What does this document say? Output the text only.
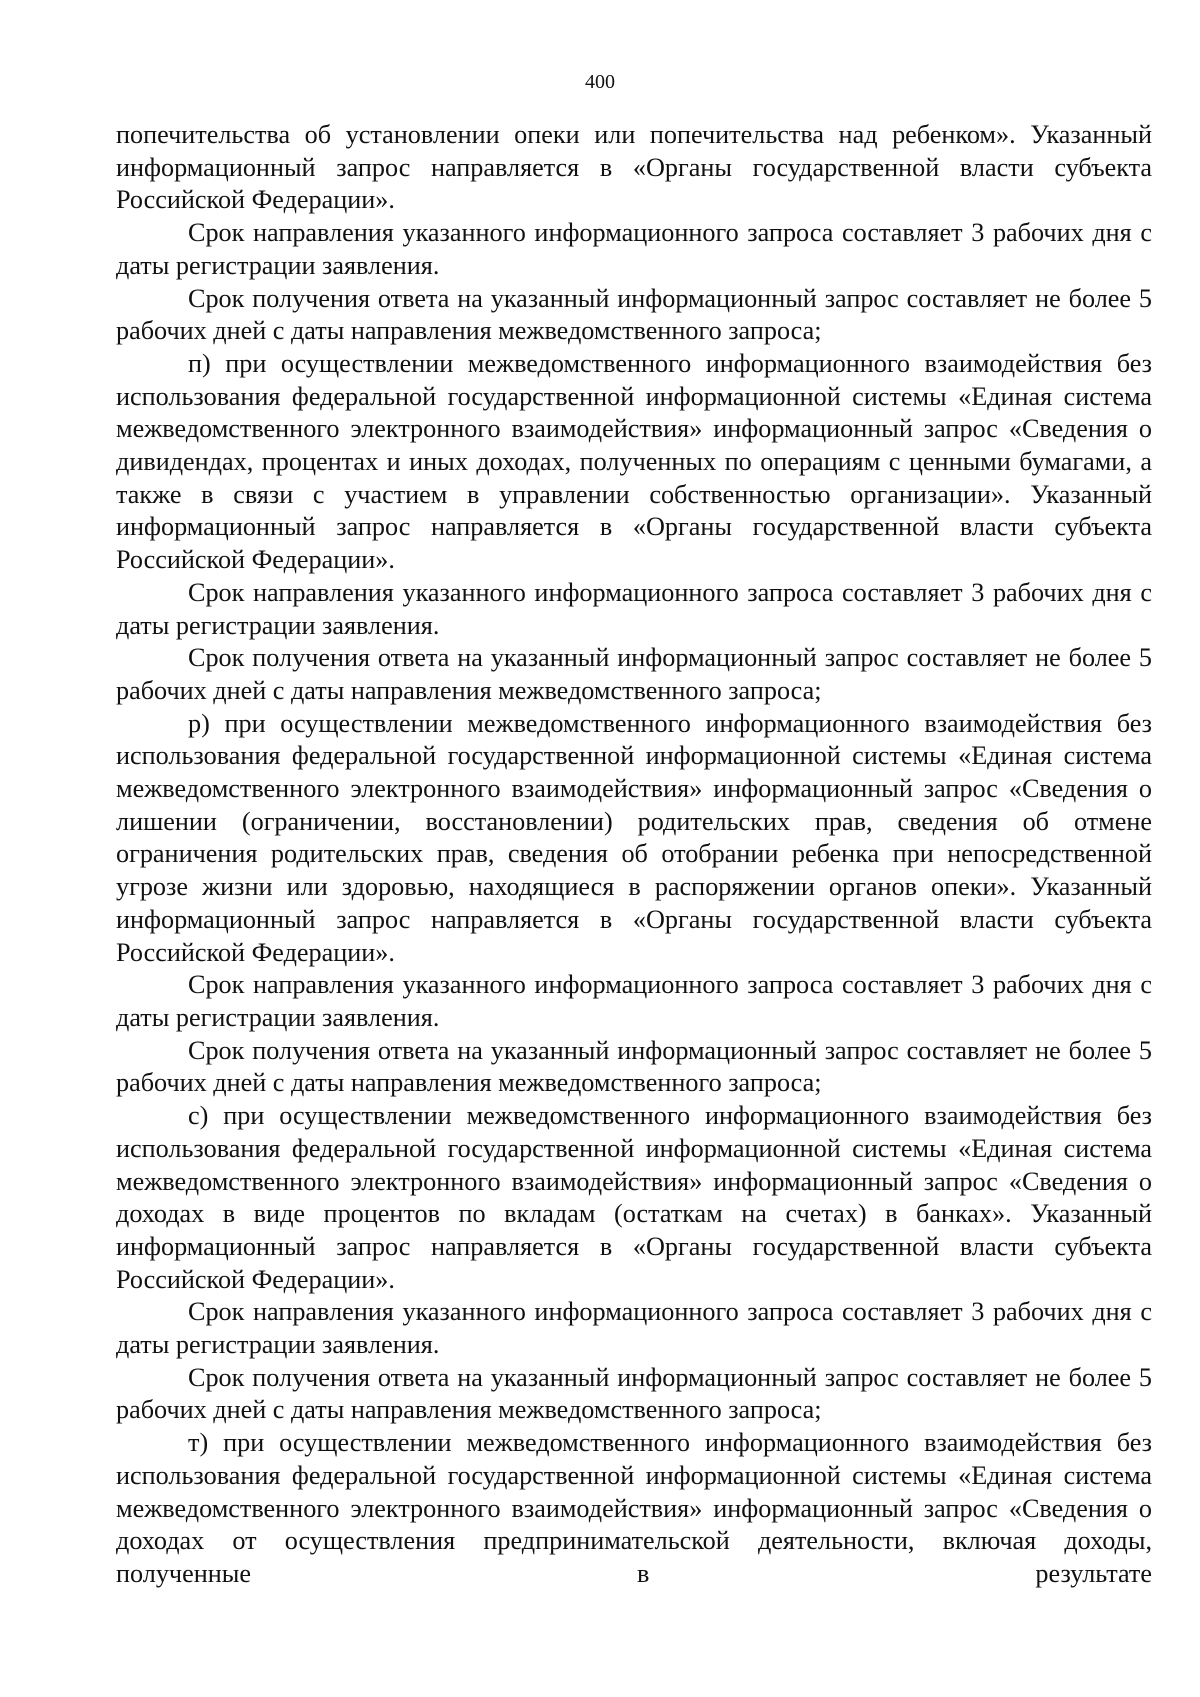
400

попечительства об установлении опеки или попечительства над ребенком». Указанный информационный запрос направляется в «Органы государственной власти субъекта Российской Федерации».

Срок направления указанного информационного запроса составляет 3 рабочих дня с даты регистрации заявления.

Срок получения ответа на указанный информационный запрос составляет не более 5 рабочих дней с даты направления межведомственного запроса;

п) при осуществлении межведомственного информационного взаимодействия без использования федеральной государственной информационной системы «Единая система межведомственного электронного взаимодействия» информационный запрос «Сведения о дивидендах, процентах и иных доходах, полученных по операциям с ценными бумагами, а также в связи с участием в управлении собственностью организации». Указанный информационный запрос направляется в «Органы государственной власти субъекта Российской Федерации».

Срок направления указанного информационного запроса составляет 3 рабочих дня с даты регистрации заявления.

Срок получения ответа на указанный информационный запрос составляет не более 5 рабочих дней с даты направления межведомственного запроса;

р) при осуществлении межведомственного информационного взаимодействия без использования федеральной государственной информационной системы «Единая система межведомственного электронного взаимодействия» информационный запрос «Сведения о лишении (ограничении, восстановлении) родительских прав, сведения об отмене ограничения родительских прав, сведения об отобрании ребенка при непосредственной угрозе жизни или здоровью, находящиеся в распоряжении органов опеки». Указанный информационный запрос направляется в «Органы государственной власти субъекта Российской Федерации».

Срок направления указанного информационного запроса составляет 3 рабочих дня с даты регистрации заявления.

Срок получения ответа на указанный информационный запрос составляет не более 5 рабочих дней с даты направления межведомственного запроса;

с) при осуществлении межведомственного информационного взаимодействия без использования федеральной государственной информационной системы «Единая система межведомственного электронного взаимодействия» информационный запрос «Сведения о доходах в виде процентов по вкладам (остаткам на счетах) в банках». Указанный информационный запрос направляется в «Органы государственной власти субъекта Российской Федерации».

Срок направления указанного информационного запроса составляет 3 рабочих дня с даты регистрации заявления.

Срок получения ответа на указанный информационный запрос составляет не более 5 рабочих дней с даты направления межведомственного запроса;

т) при осуществлении межведомственного информационного взаимодействия без использования федеральной государственной информационной системы «Единая система межведомственного электронного взаимодействия» информационный запрос «Сведения о доходах от осуществления предпринимательской деятельности, включая доходы, полученные в результате
